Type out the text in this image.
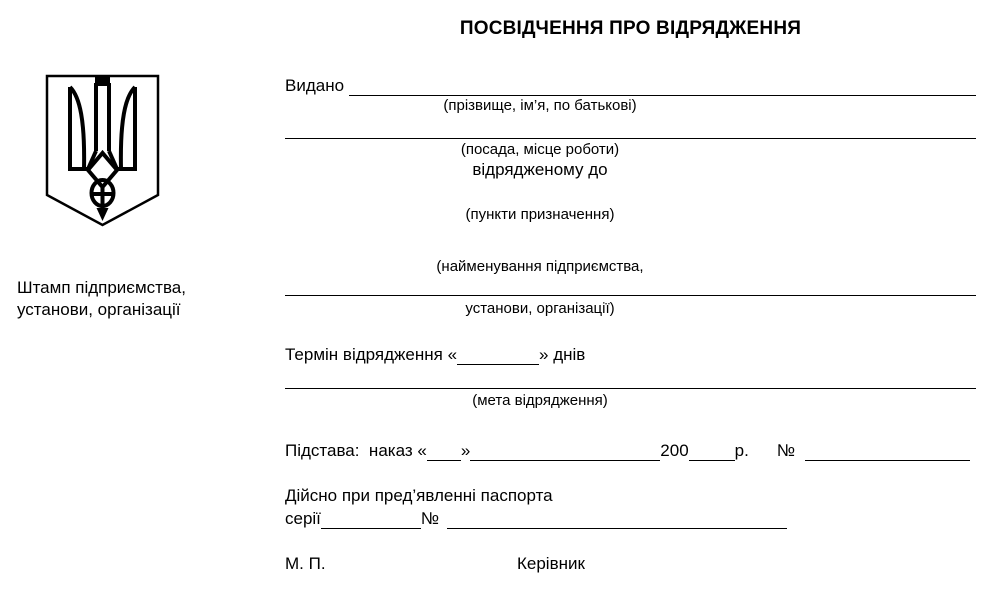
ПОСВІДЧЕННЯ ПРО ВІДРЯДЖЕННЯ
Штамп підприємства,
установи, організації
Видано
(прізвище, ім’я, по батькові)
(посада, місце роботи)
відрядженому до
(пункти призначення)
(найменування підприємства,
установи, організації)
Термін відрядження «	» днів
(мета відрядження)
Підстава:  наказ « »	200	р. №
Дійсно при пред’явленні паспорта
серії	№
М. П.	Керівник
